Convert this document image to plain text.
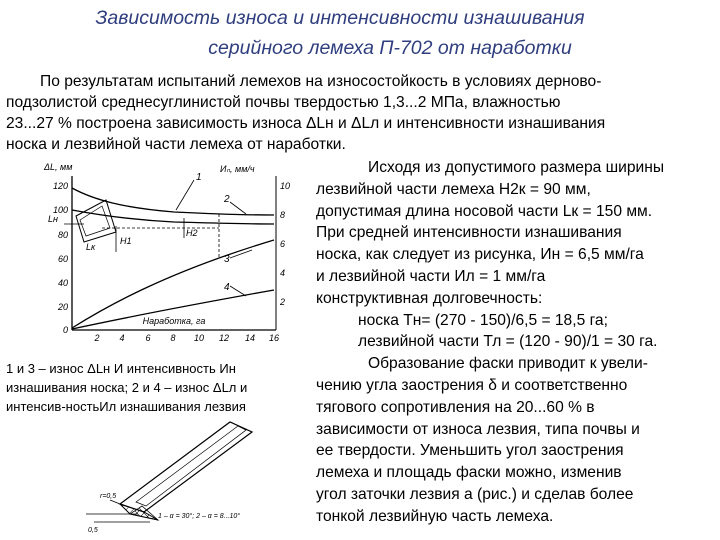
Зависимость износа и интенсивности изнашивания
серийного лемеха П-702 от наработки
По результатам испытаний лемехов на износостойкость в условиях дерново-
подзолистой среднесуглинистой почвы твердостью 1,3...2 МПа, влажностью
23...27 % построена зависимость износа ΔLн и ΔLл и интенсивности изнашивания
носка и лезвийной части лемеха от наработки.
ΔL, мм	Иₙ, мм/ч
120
100
80
60
40
20
0
10
8
6
4
2
2 4 6 8 10 12 14 16
Наработка, га
Lн
Lк
H1
H2
1
2
3
4
1 и 3 – износ ΔLн И интенсивность Ин
изнашивания носка; 2 и 4 – износ ΔLл и
интенсив-ностьИл изнашивания лезвия
r=0,5
0,5
1 – α = 30°; 2 – α = 8...10°
Исходя из допустимого размера ширины
лезвийной части лемеха H2к = 90 мм,
допустимая длина носовой части Lк = 150 мм.
При средней интенсивности изнашивания
носка, как следует из рисунка, Ин = 6,5 мм/га
и лезвийной части Ил = 1 мм/га
конструктивная долговечность:
носка Тн= (270 - 150)/6,5 = 18,5 га;
лезвийной части Тл = (120 - 90)/1 = 30 га.
Образование фаски приводит к увели-
чению угла заострения δ и соответственно
тягового сопротивления на 20...60 % в
зависимости от износа лезвия, типа почвы и
ее твердости. Уменьшить угол заострения
лемеха и площадь фаски можно, изменив
угол заточки лезвия а (рис.) и сделав более
тонкой лезвийную часть лемеха.
